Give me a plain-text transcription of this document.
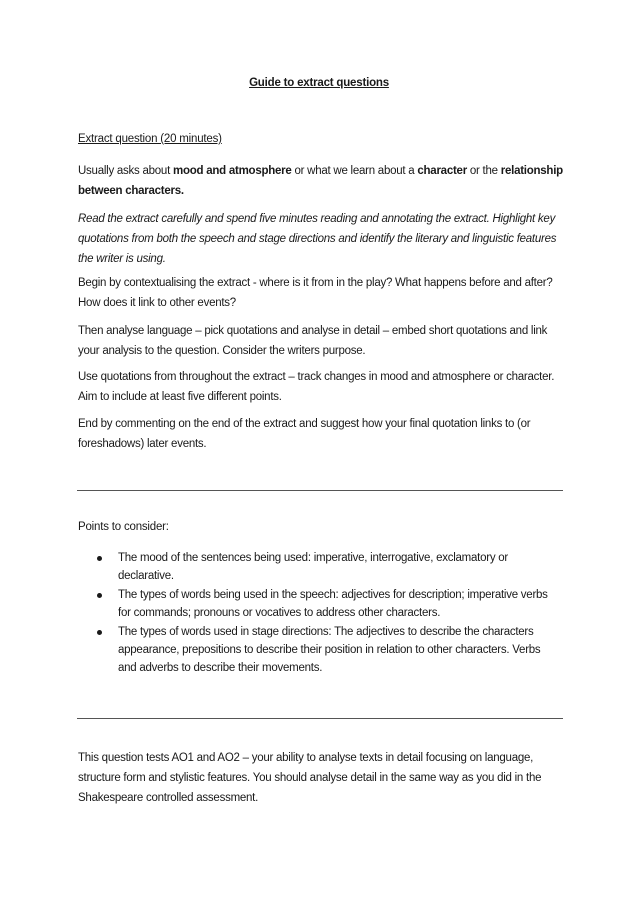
Guide to extract questions
Extract question (20 minutes)
Usually asks about mood and atmosphere or what we learn about a character or the relationship between characters.
Read the extract carefully and spend five minutes reading and annotating the extract. Highlight key quotations from both the speech and stage directions and identify the literary and linguistic features the writer is using.
Begin by contextualising the extract - where is it from in the play? What happens before and after? How does it link to other events?
Then analyse language – pick quotations and analyse in detail – embed short quotations and link your analysis to the question. Consider the writers purpose.
Use quotations from throughout the extract – track changes in mood and atmosphere or character. Aim to include at least five different points.
End by commenting on the end of the extract and suggest how your final quotation links to (or foreshadows) later events.
Points to consider:
The mood of the sentences being used: imperative, interrogative, exclamatory or declarative.
The types of words being used in the speech: adjectives for description; imperative verbs for commands; pronouns or vocatives to address other characters.
The types of words used in stage directions: The adjectives to describe the characters appearance, prepositions to describe their position in relation to other characters. Verbs and adverbs to describe their movements.
This question tests AO1 and AO2 – your ability to analyse texts in detail focusing on language, structure form and stylistic features. You should analyse detail in the same way as you did in the Shakespeare controlled assessment.
